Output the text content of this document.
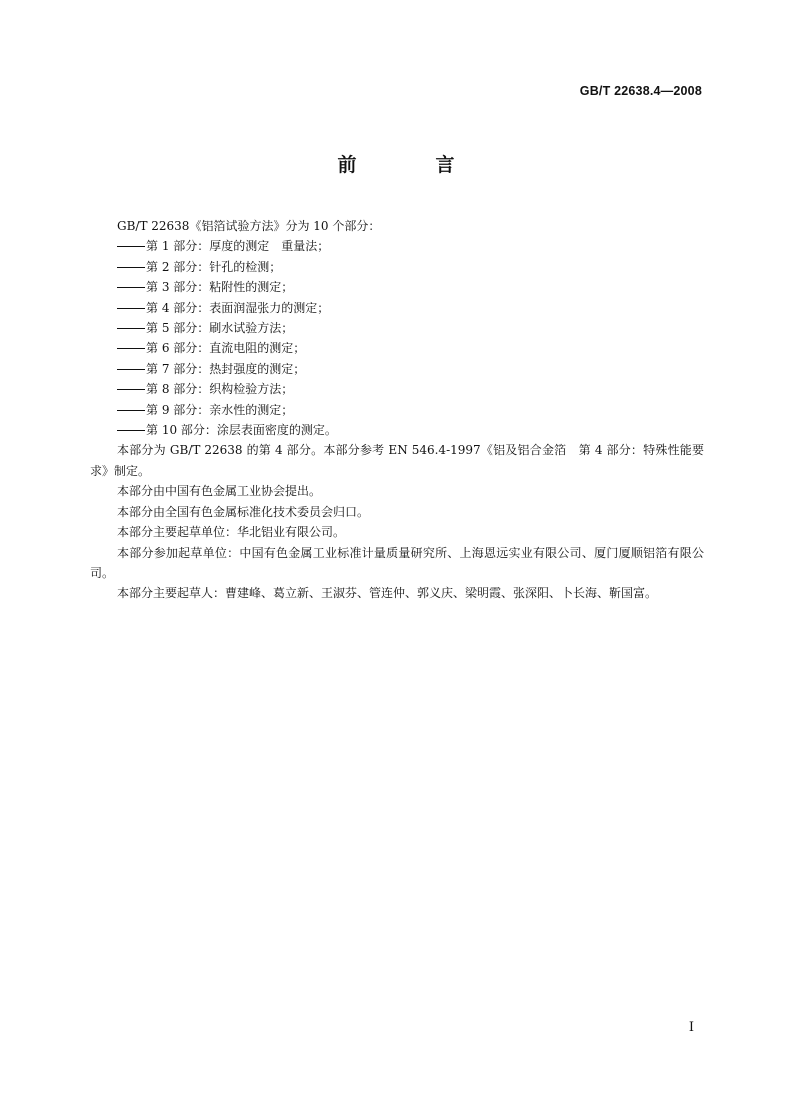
GB/T 22638.4—2008
前　言

GB/T 22638《铝箔试验方法》分为 10 个部分：

第 1 部分：厚度的测定　重量法；

第 2 部分：针孔的检测；

第 3 部分：粘附性的测定；

第 4 部分：表面润湿张力的测定；

第 5 部分：刷水试验方法；

第 6 部分：直流电阻的测定；

第 7 部分：热封强度的测定；

第 8 部分：织构检验方法；

第 9 部分：亲水性的测定；

第 10 部分：涂层表面密度的测定。

本部分为 GB/T 22638 的第 4 部分。本部分参考 EN 546.4-1997《铝及铝合金箔　第 4 部分：特殊性能要求》制定。

本部分由中国有色金属工业协会提出。

本部分由全国有色金属标准化技术委员会归口。

本部分主要起草单位：华北铝业有限公司。

本部分参加起草单位：中国有色金属工业标准计量质量研究所、上海恩远实业有限公司、厦门厦顺铝箔有限公司。

本部分主要起草人：曹建峰、葛立新、王淑芬、管连仲、郭义庆、梁明霞、张深阳、卜长海、靳国富。

I
